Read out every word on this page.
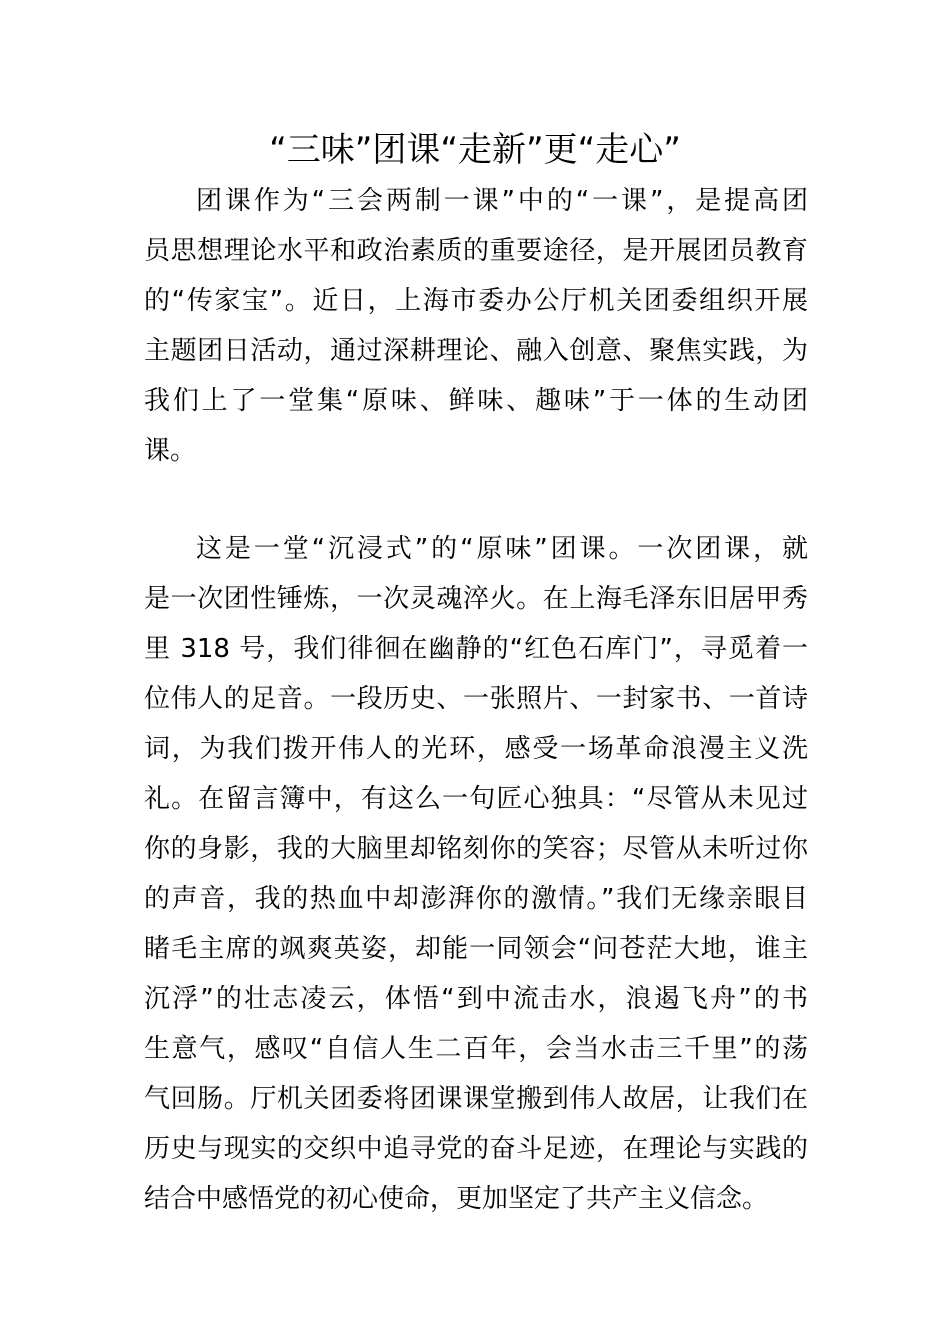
“三味”团课“走新”更“走心”
团课作为“三会两制一课”中的“一课”，是提高团
员思想理论水平和政治素质的重要途径，是开展团员教育
的“传家宝”。近日，上海市委办公厅机关团委组织开展
主题团日活动，通过深耕理论、融入创意、聚焦实践，为
我们上了一堂集“原味、鲜味、趣味”于一体的生动团
课。
这是一堂“沉浸式”的“原味”团课。一次团课，就
是一次团性锤炼，一次灵魂淬火。在上海毛泽东旧居甲秀
里 318 号，我们徘徊在幽静的“红色石库门”，寻觅着一
位伟人的足音。一段历史、一张照片、一封家书、一首诗
词，为我们拨开伟人的光环，感受一场革命浪漫主义洗
礼。在留言簿中，有这么一句匠心独具：“尽管从未见过
你的身影，我的大脑里却铭刻你的笑容；尽管从未听过你
的声音，我的热血中却澎湃你的激情。”我们无缘亲眼目
睹毛主席的飒爽英姿，却能一同领会“问苍茫大地，谁主
沉浮”的壮志凌云，体悟“到中流击水，浪遏飞舟”的书
生意气，感叹“自信人生二百年，会当水击三千里”的荡
气回肠。厅机关团委将团课课堂搬到伟人故居，让我们在
历史与现实的交织中追寻党的奋斗足迹，在理论与实践的
结合中感悟党的初心使命，更加坚定了共产主义信念。
